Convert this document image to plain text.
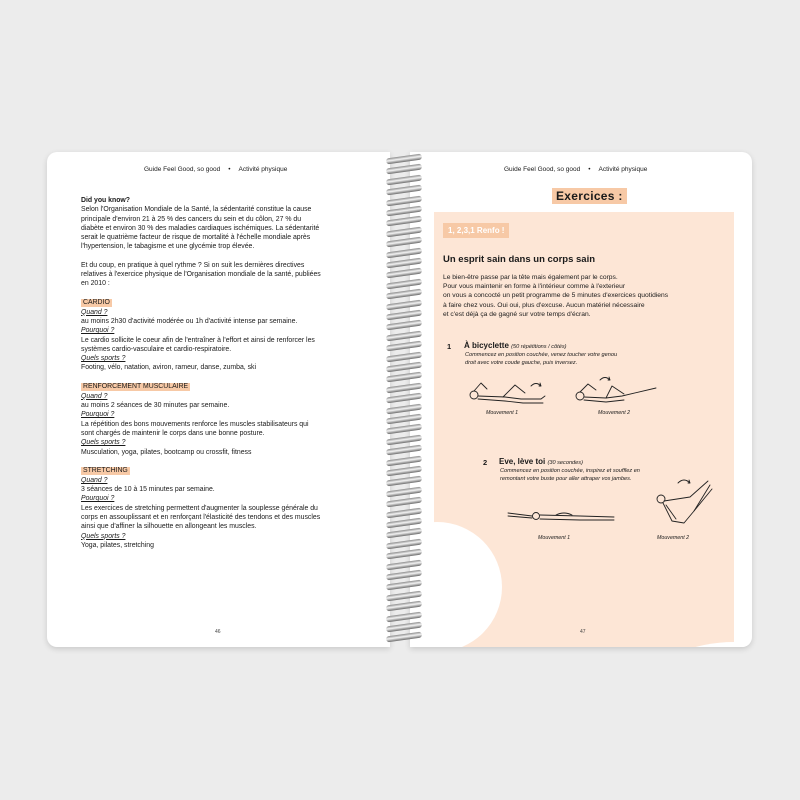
Guide Feel Good, so good • Activité physique

Did you know?

Selon l'Organisation Mondiale de la Santé, la sédentarité constitue la cause

principale d'environ 21 à 25 % des cancers du sein et du côlon, 27 % du

diabète et environ 30 % des maladies cardiaques ischémiques. La sédentarité

serait le quatrième facteur de risque de mortalité à l'échelle mondiale après

l'hypertension, le tabagisme et une glycémie trop élevée.

Et du coup, en pratique à quel rythme ? Si on suit les dernières directives

relatives à l'exercice physique de l'Organisation mondiale de la santé, publiées

en 2010 :

CARDIO

Quand ?

au moins 2h30 d'activité modérée ou 1h d'activité intense par semaine.

Pourquoi ?

Le cardio sollicite le coeur afin de l'entraîner à l'effort et ainsi de renforcer les

systèmes cardio-vasculaire et cardio-respiratoire.

Quels sports ?

Footing, vélo, natation, aviron, rameur, danse, zumba, ski

RENFORCEMENT MUSCULAIRE

Quand ?

au moins 2 séances de 30 minutes par semaine.

Pourquoi ?

La répétition des bons mouvements renforce les muscles stabilisateurs qui

sont chargés de maintenir le corps dans une bonne posture.

Quels sports ?

Musculation, yoga, pilates, bootcamp ou crossfit, fitness

STRETCHING

Quand ?

3 séances de 10 à 15 minutes par semaine.

Pourquoi ?

Les exercices de stretching permettent d'augmenter la souplesse générale du

corps en assouplissant et en renforçant l'élasticité des tendons et des muscles

ainsi que d'affiner la silhouette en allongeant les muscles.

Quels sports ?

Yoga, pilates, stretching

46
Guide Feel Good, so good • Activité physique
Exercices :
1, 2,3,1 Renfo !
Un esprit sain dans un corps sain

Le bien-être passe par la tête mais également par le corps.

Pour vous maintenir en forme à l'intérieur comme à l'exterieur

on vous a concocté un petit programme de 5 minutes d'exercices quotidiens

à faire chez vous. Oui oui, plus d'excuse. Aucun matériel nécessaire

et c'est déjà ça de gagné sur votre temps d'écran.

1 À bicyclette (50 répétitions / côtés)
Commencez en position couchée, venez toucher votre genou
droit avec votre coude gauche, puis inversez.
Mouvement 1	Mouvement 2
2 Eve, lève toi (30 secondes)
Commencez en position couchée, inspirez et soufflez en
remontant votre buste pour aller attraper vos jambes.
Mouvement 1	Mouvement 2
47
